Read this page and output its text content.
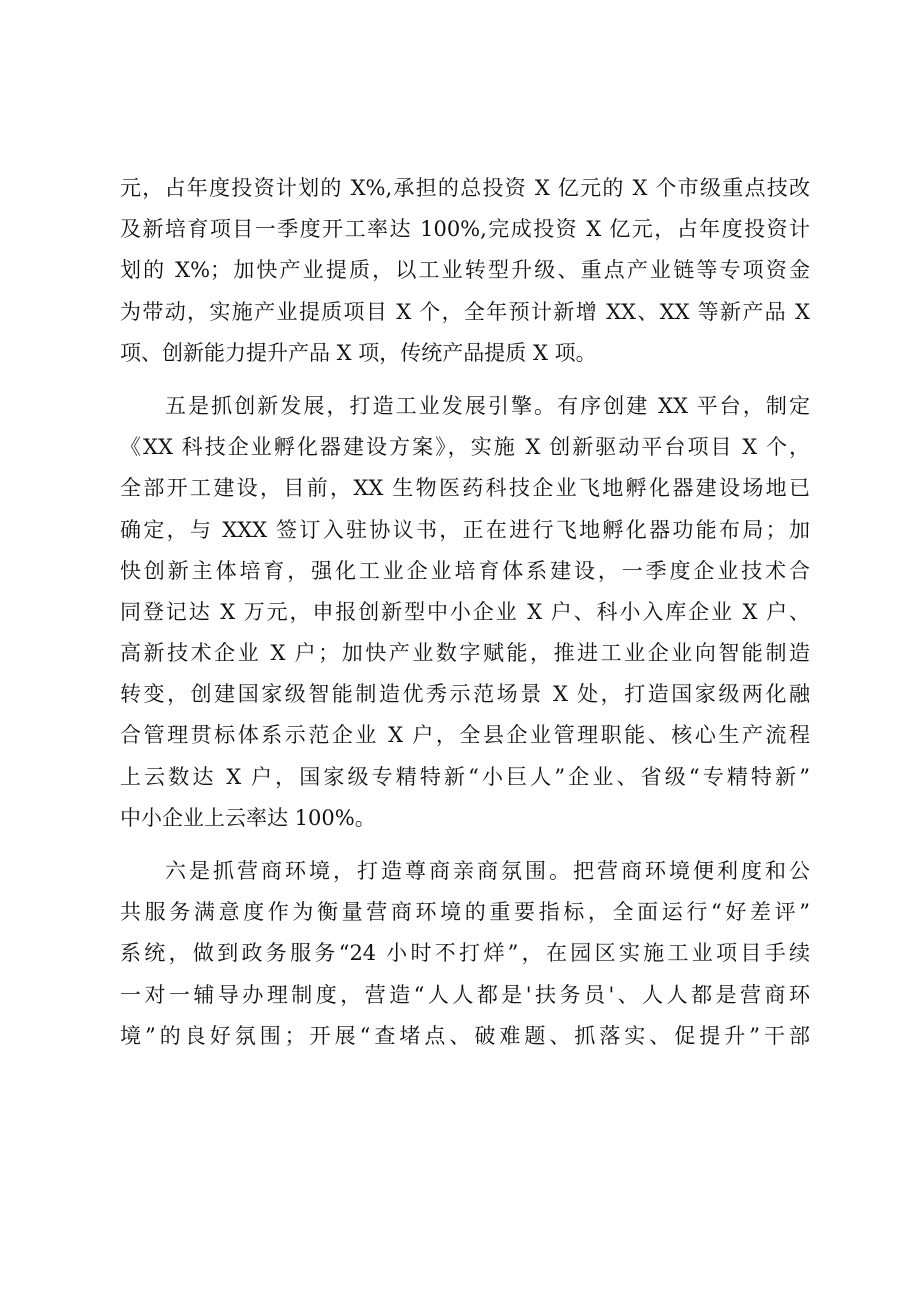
元，占年度投资计划的 X%,承担的总投资 X 亿元的 X 个市级重点技改
及新培育项目一季度开工率达 100%,完成投资 X 亿元，占年度投资计
划的 X%；加快产业提质，以工业转型升级、重点产业链等专项资金
为带动，实施产业提质项目 X 个，全年预计新增 XX、XX 等新产品 X
项、创新能力提升产品 X 项，传统产品提质 X 项。
五是抓创新发展，打造工业发展引擎。有序创建 XX 平台，制定
《XX 科技企业孵化器建设方案》，实施 X 创新驱动平台项目 X 个，
全部开工建设，目前，XX 生物医药科技企业飞地孵化器建设场地已
确定，与 XXX 签订入驻协议书，正在进行飞地孵化器功能布局；加
快创新主体培育，强化工业企业培育体系建设，一季度企业技术合
同登记达 X 万元，申报创新型中小企业 X 户、科小入库企业 X 户、
高新技术企业 X 户；加快产业数字赋能，推进工业企业向智能制造
转变，创建国家级智能制造优秀示范场景 X 处，打造国家级两化融
合管理贯标体系示范企业 X 户，全县企业管理职能、核心生产流程
上云数达 X 户，国家级专精特新“小巨人”企业、省级“专精特新”
中小企业上云率达 100%。
六是抓营商环境，打造尊商亲商氛围。把营商环境便利度和公
共服务满意度作为衡量营商环境的重要指标，全面运行“好差评”
系统，做到政务服务“24 小时不打烊”，在园区实施工业项目手续
一对一辅导办理制度，营造“人人都是'扶务员'、人人都是营商环
境”的良好氛围；开展“查堵点、破难题、抓落实、促提升”干部
